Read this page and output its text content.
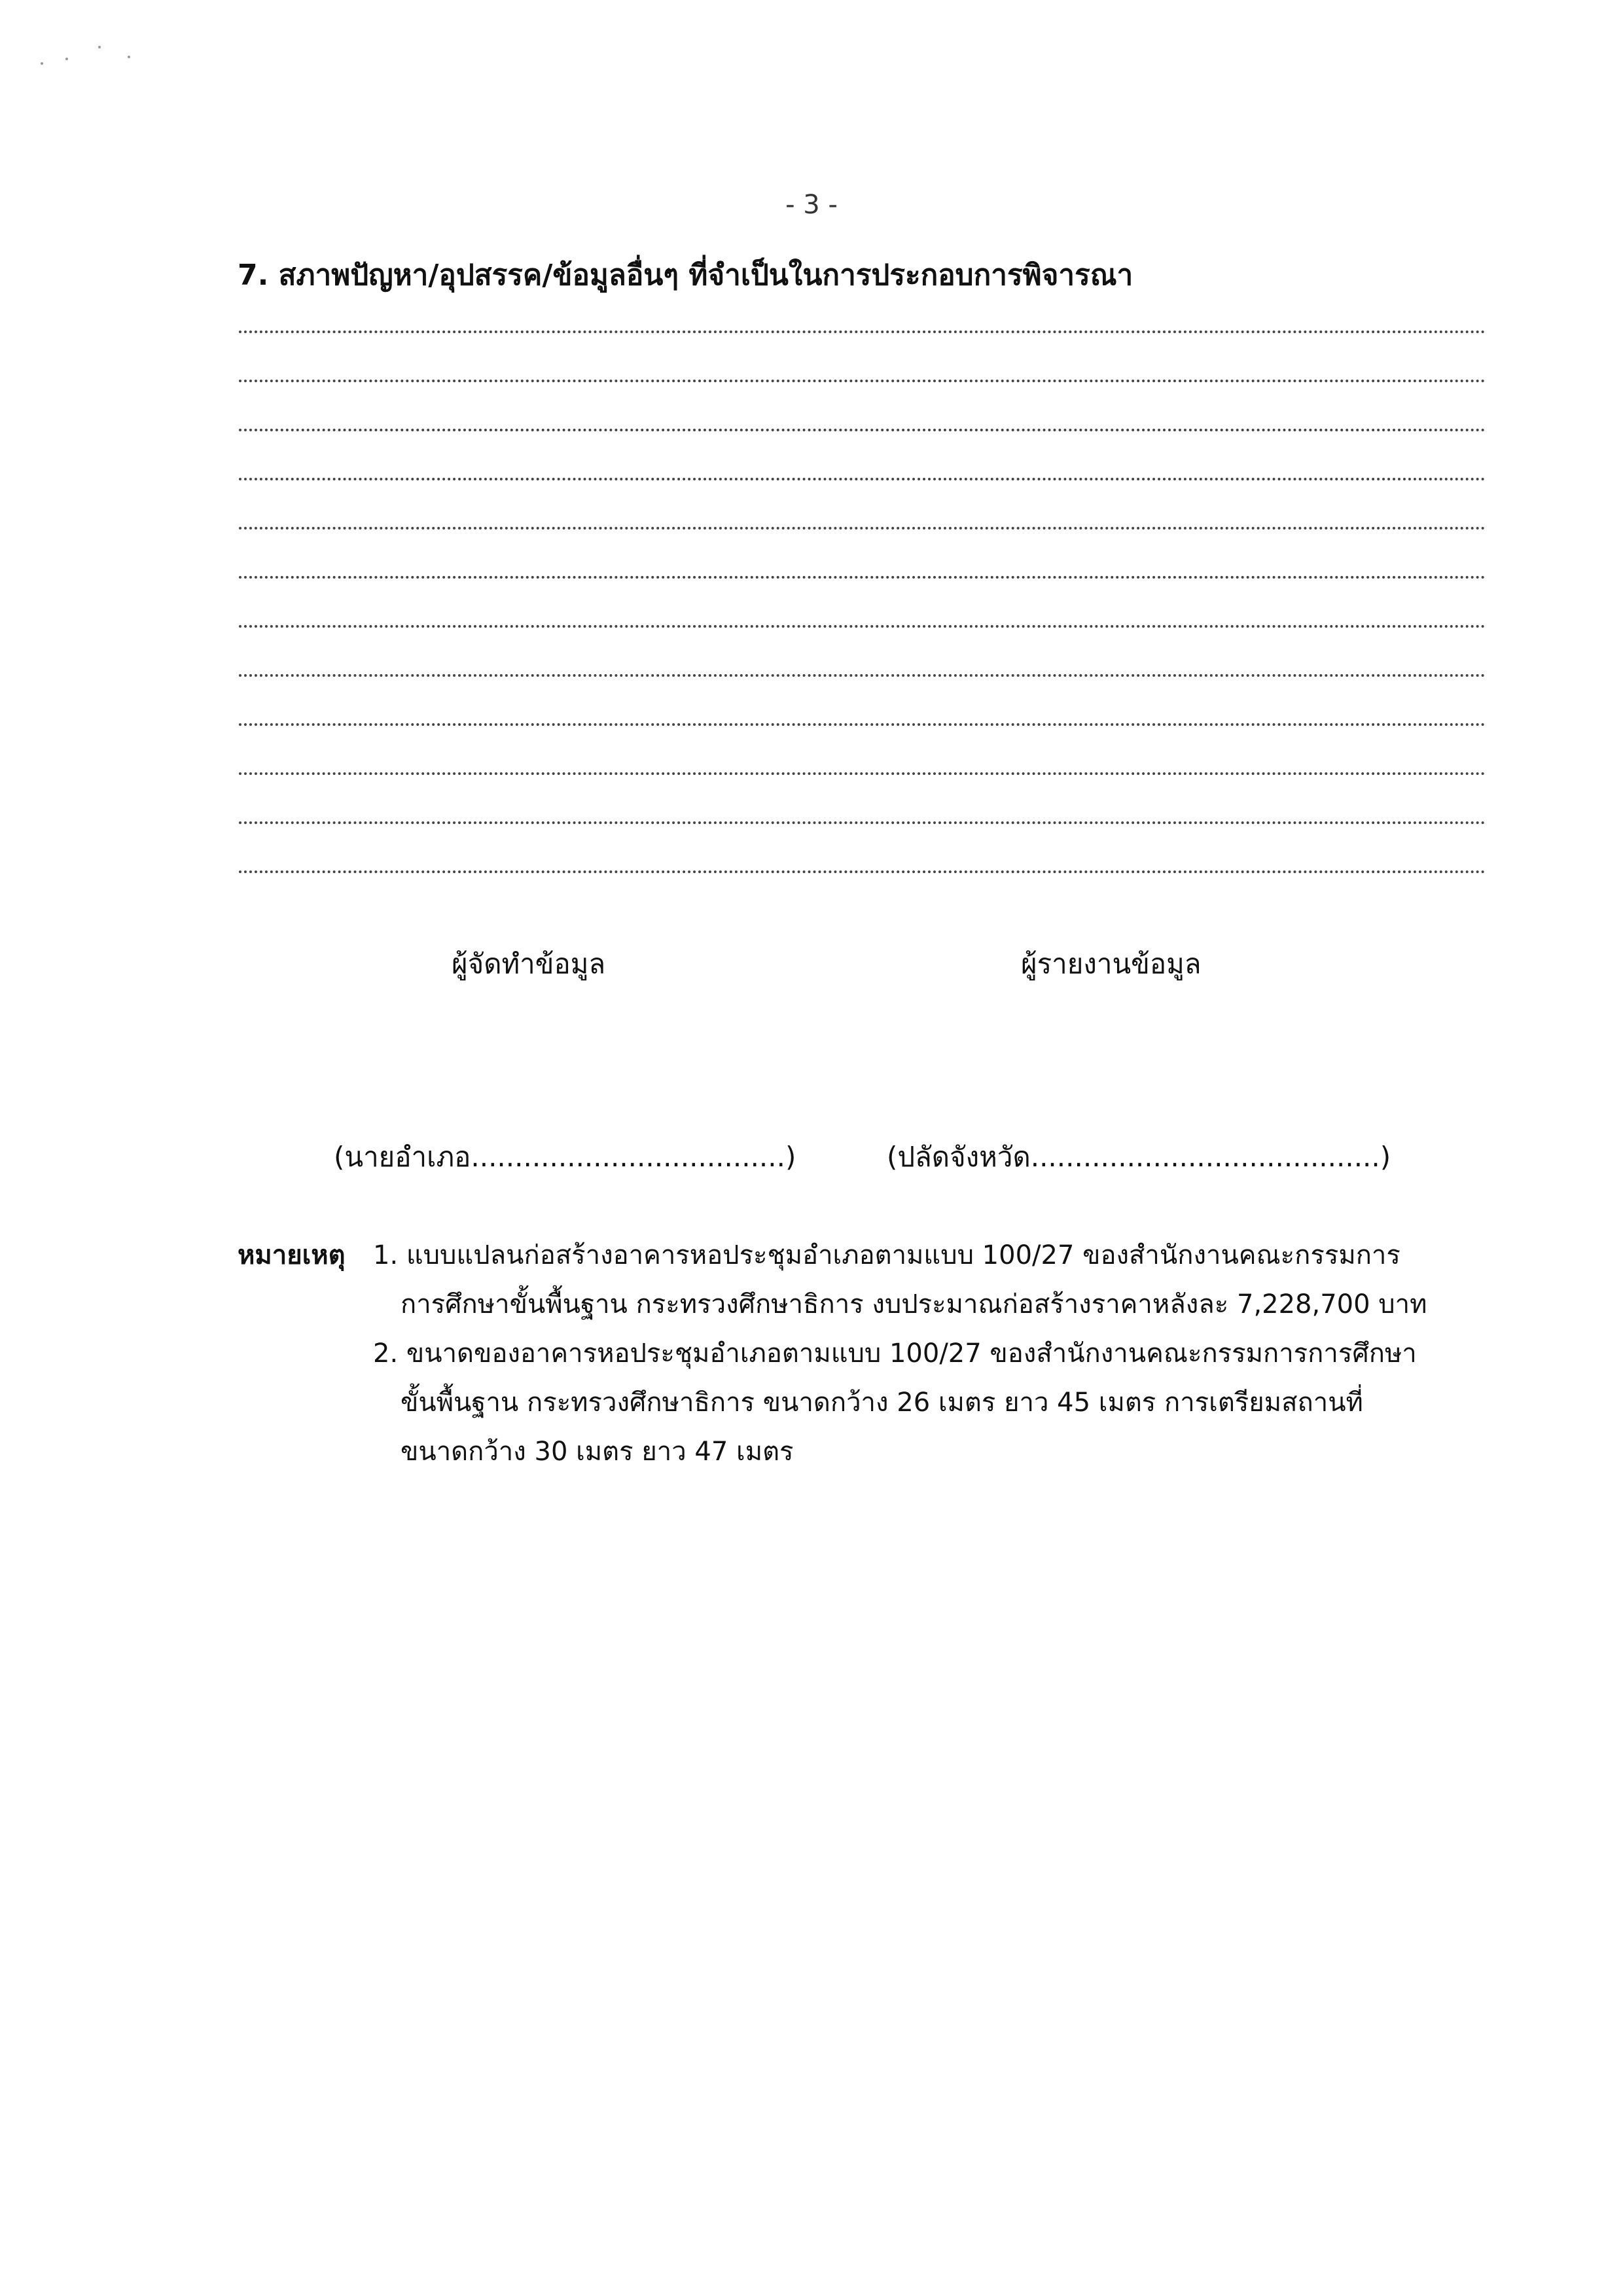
- 3 -
7. สภาพปัญหา/อุปสรรค/ข้อมูลอื่นๆ ที่จำเป็นในการประกอบการพิจารณา
ผู้จัดทำข้อมูล	ผู้รายงานข้อมูล
(นายอำเภอ....................................)	(ปลัดจังหวัด........................................)
หมายเหตุ 1. แบบแปลนก่อสร้างอาคารหอประชุมอำเภอตามแบบ 100/27 ของสำนักงานคณะกรรมการ
การศึกษาขั้นพื้นฐาน กระทรวงศึกษาธิการ งบประมาณก่อสร้างราคาหลังละ 7,228,700 บาท
2. ขนาดของอาคารหอประชุมอำเภอตามแบบ 100/27 ของสำนักงานคณะกรรมการการศึกษา
ขั้นพื้นฐาน กระทรวงศึกษาธิการ ขนาดกว้าง 26 เมตร ยาว 45 เมตร การเตรียมสถานที่
ขนาดกว้าง 30 เมตร ยาว 47 เมตร
